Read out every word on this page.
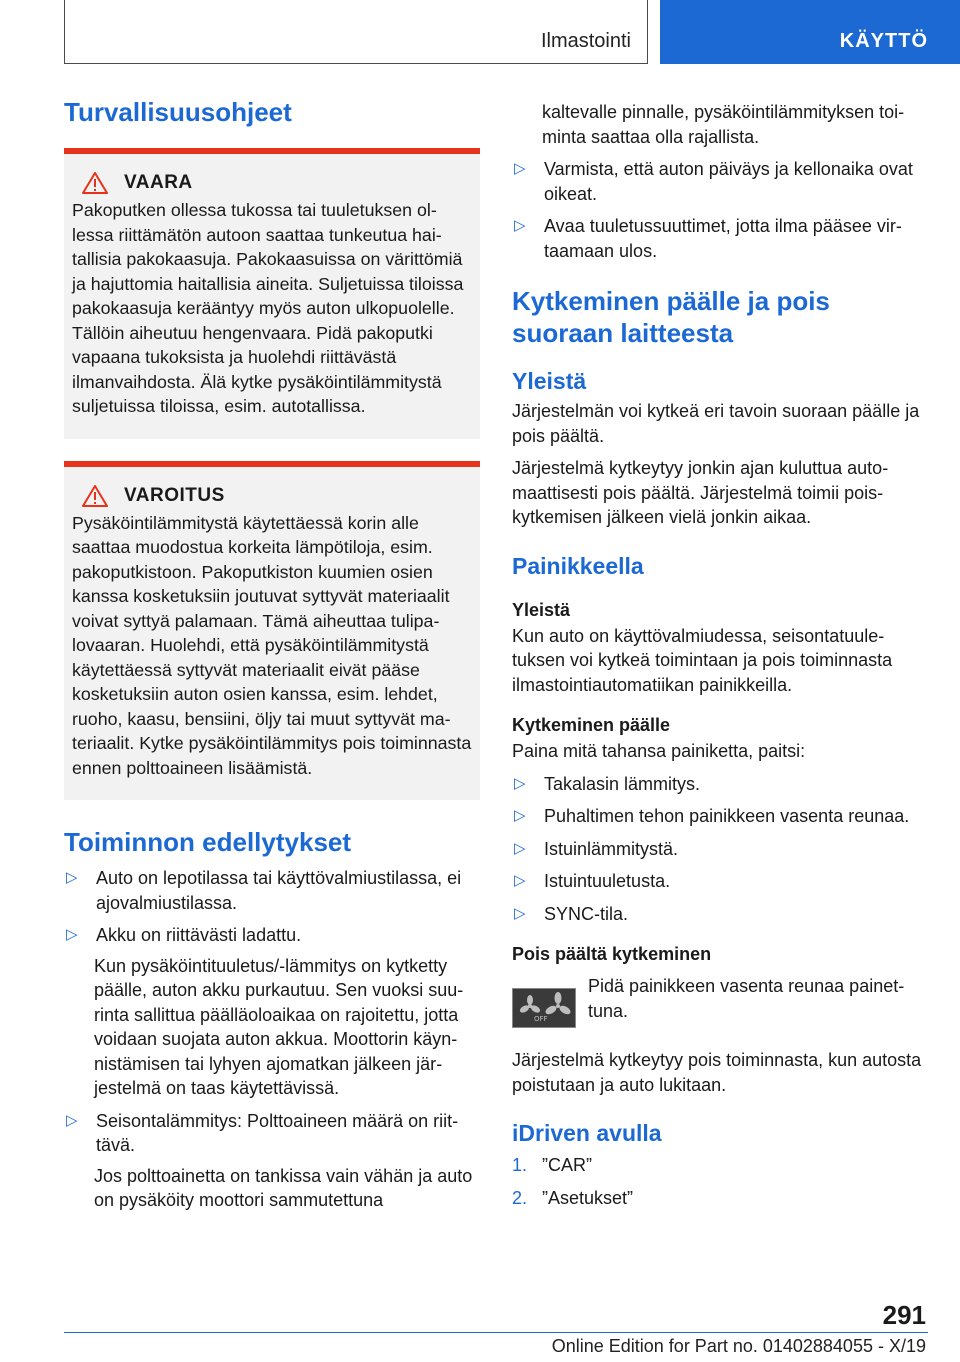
Ilmastointi	KÄYTTÖ
Turvallisuusohjeet
VAARA

Pakoputken ollessa tukossa tai tuuletuksen ollessa riittämätön autoon saattaa tunkeutua haitallisia pakokaasuja. Pakokaasuissa on värittömiä ja hajuttomia haitallisia aineita. Suljetuissa tiloissa pakokaasuja kerääntyy myös auton ulkopuolelle. Tällöin aiheutuu hengenvaara. Pidä pakoputki vapaana tukoksista ja huolehdi riittävästä ilmanvaihdosta. Älä kytke pysäköintilämmitystä suljetuissa tiloissa, esim. autotallissa.

VAROITUS

Pysäköintilämmitystä käytettäessä korin alle saattaa muodostua korkeita lämpötiloja, esim. pakoputkistoon. Pakoputkiston kuumien osien kanssa kosketuksiin joutuvat syttyvät materiaalit voivat syttyä palamaan. Tämä aiheuttaa tulipalovaaran. Huolehdi, että pysäköintilämmitystä käytettäessä syttyvät materiaalit eivät pääse kosketuksiin auton osien kanssa, esim. lehdet, ruoho, kaasu, bensiini, öljy tai muut syttyvät materiaalit. Kytke pysäköintilämmitys pois toiminnasta ennen polttoaineen lisäämistä.

Toiminnon edellytykset
▷	Auto on lepotilassa tai käyttövalmiustilassa, ei ajovalmiustilassa.

▷	Akku on riittävästi ladattu.

Kun pysäköintituuletus/-lämmitys on kytketty päälle, auton akku purkautuu. Sen vuoksi suurinta sallittua päälläoloaikaa on rajoitettu, jotta voidaan suojata auton akkua. Moottorin käynnistämisen tai lyhyen ajomatkan jälkeen järjestelmä on taas käytettävissä.

▷	Seisontalämmitys: Polttoaineen määrä on riittävä.

Jos polttoainetta on tankissa vain vähän ja auto on pysäköity moottori sammutettuna

kaltevalle pinnalle, pysäköintilämmityksen toiminta saattaa olla rajallista.

▷	Varmista, että auton päiväys ja kellonaika ovat oikeat.

▷	Avaa tuuletussuuttimet, jotta ilma pääsee virtaamaan ulos.

Kytkeminen päälle ja pois suoraan laitteesta
Yleistä

Järjestelmän voi kytkeä eri tavoin suoraan päälle ja pois päältä.

Järjestelmä kytkeytyy jonkin ajan kuluttua automaattisesti pois päältä. Järjestelmä toimii poiskytkemisen jälkeen vielä jonkin aikaa.

Painikkeella
Yleistä

Kun auto on käyttövalmiudessa, seisontatuuletuksen voi kytkeä toimintaan ja pois toiminnasta ilmastointiautomatiikan painikkeilla.

Kytkeminen päälle

Paina mitä tahansa painiketta, paitsi:

▷	Takalasin lämmitys.

▷	Puhaltimen tehon painikkeen vasenta reunaa.

▷	Istuinlämmitystä.

▷	Istuintuuletusta.

▷	SYNC-tila.

Pois päältä kytkeminen
OFF

Pidä painikkeen vasenta reunaa painettuna.

Järjestelmä kytkeytyy pois toiminnasta, kun autosta poistutaan ja auto lukitaan.

iDriven avulla
1. ”CAR”

2. ”Asetukset”

291
Online Edition for Part no. 01402884055 - X/19
